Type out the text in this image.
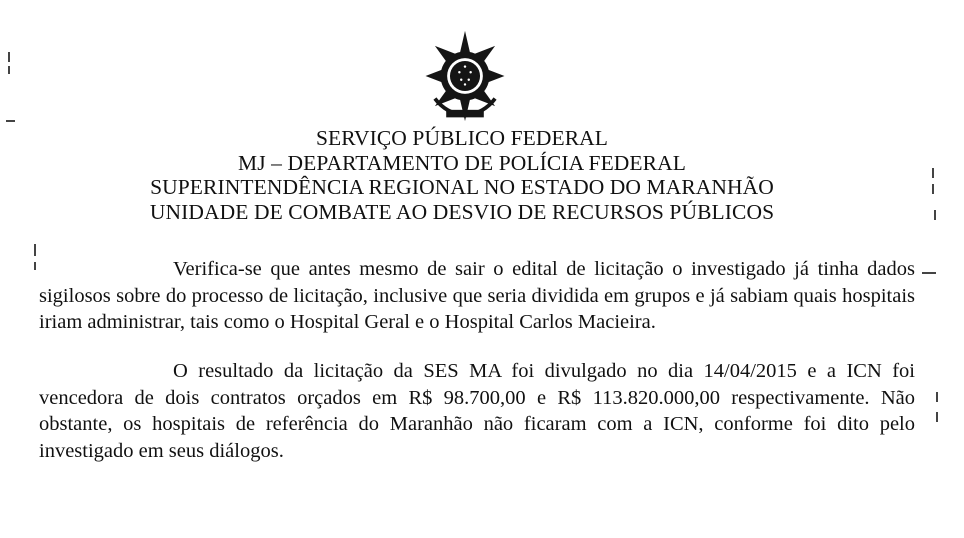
SERVIÇO PÚBLICO FEDERAL
MJ – DEPARTAMENTO DE POLÍCIA FEDERAL
SUPERINTENDÊNCIA REGIONAL NO ESTADO DO MARANHÃO
UNIDADE DE COMBATE AO DESVIO DE RECURSOS PÚBLICOS
Verifica-se que antes mesmo de sair o edital de licitação o investigado já tinha dados sigilosos sobre do processo de licitação, inclusive que seria dividida em grupos e já sabiam quais hospitais iriam administrar, tais como o Hospital Geral e o Hospital Carlos Macieira.
O resultado da licitação da SES MA foi divulgado no dia 14/04/2015 e a ICN foi vencedora de dois contratos orçados em R$ 98.700,00 e R$ 113.820.000,00 respectivamente. Não obstante, os hospitais de referência do Maranhão não ficaram com a ICN, conforme foi dito pelo investigado em seus diálogos.
